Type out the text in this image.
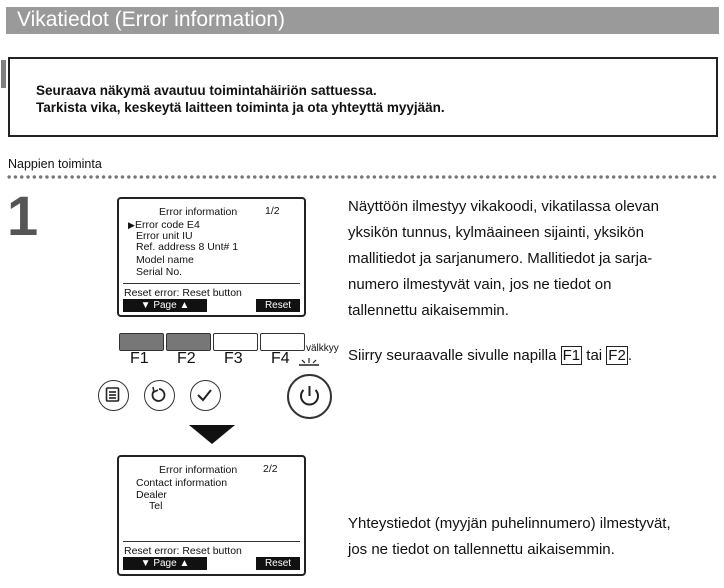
Vikatiedot (Error information)
Seuraava näkymä avautuu toimintahäiriön sattuessa.
Tarkista vika, keskeytä laitteen toiminta ja ota yhteyttä myyjään.
Nappien toiminta
1	Error information	1/2
▶ Error code E4
Error unit IU
Ref. address 8 Unt# 1
Model name
Serial No.
Reset error: Reset button
▼ Page ▲	Reset
F1 F2 F3 F4
välkkyy
Error information 2/2
Contact information
Dealer
Tel
Reset error: Reset button
▼ Page ▲	Reset
Näyttöön ilmestyy vikakoodi, vikatilassa olevan
yksikön tunnus, kylmäaineen sijainti, yksikön
mallitiedot ja sarjanumero. Mallitiedot ja sarja-
numero ilmestyvät vain, jos ne tiedot on
tallennettu aikaisemmin.
Siirry seuraavalle sivulle napilla F1 tai F2 .
Yhteystiedot (myyjän puhelinnumero) ilmestyvät,
jos ne tiedot on tallennettu aikaisemmin.
